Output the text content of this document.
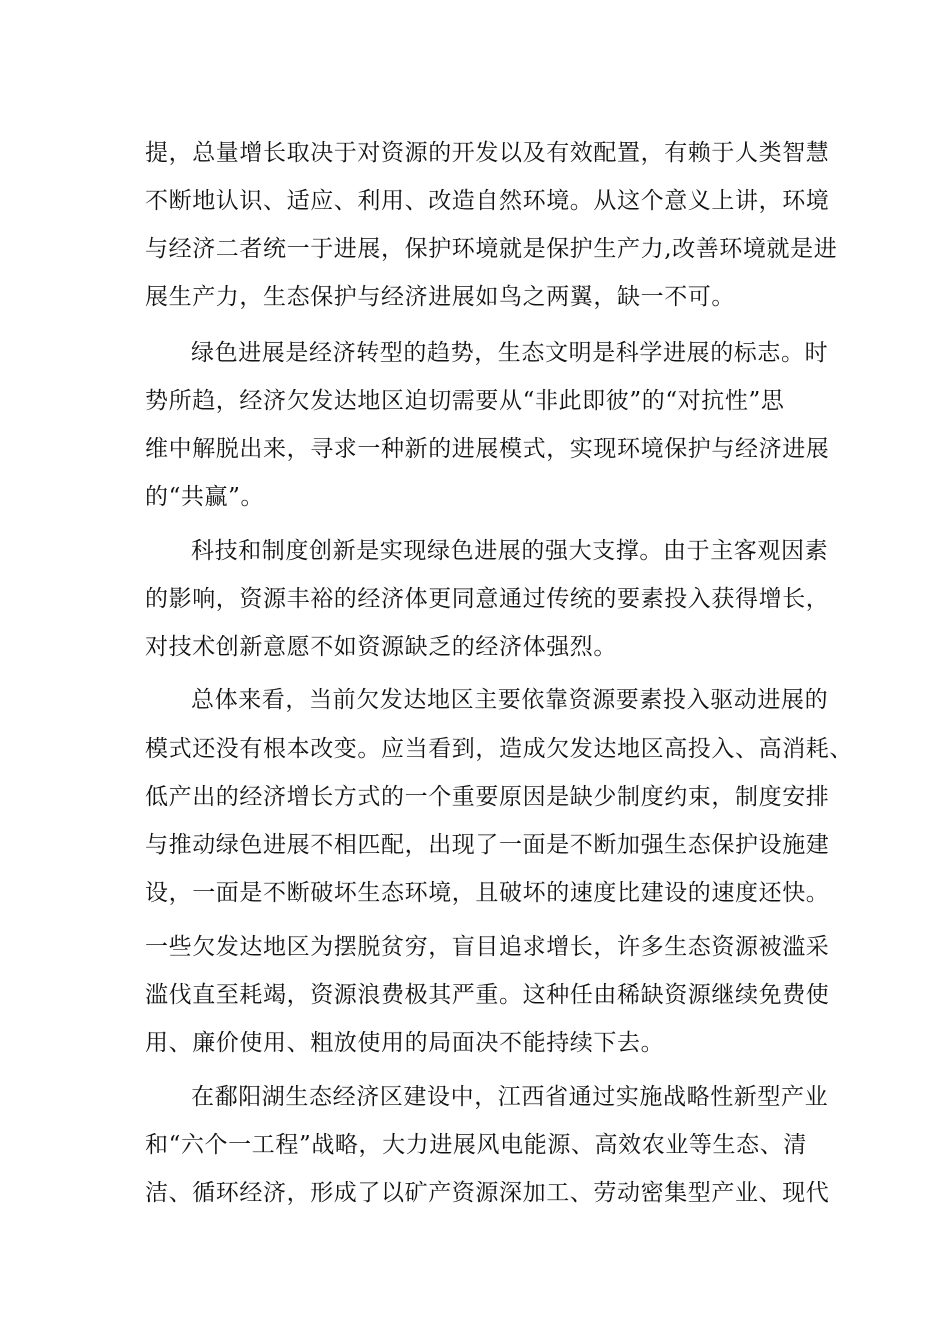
提，总量增长取决于对资源的开发以及有效配置，有赖于人类智慧
不断地认识、适应、利用、改造自然环境。从这个意义上讲，环境
与经济二者统一于进展，保护环境就是保护生产力,改善环境就是进
展生产力，生态保护与经济进展如鸟之两翼，缺一不可。
绿色进展是经济转型的趋势，生态文明是科学进展的标志。时
势所趋，经济欠发达地区迫切需要从“非此即彼”的“对抗性”思
维中解脱出来，寻求一种新的进展模式，实现环境保护与经济进展
的“共赢”。
科技和制度创新是实现绿色进展的强大支撑。由于主客观因素
的影响，资源丰裕的经济体更同意通过传统的要素投入获得增长，
对技术创新意愿不如资源缺乏的经济体强烈。
总体来看，当前欠发达地区主要依靠资源要素投入驱动进展的
模式还没有根本改变。应当看到，造成欠发达地区高投入、高消耗、
低产出的经济增长方式的一个重要原因是缺少制度约束，制度安排
与推动绿色进展不相匹配，出现了一面是不断加强生态保护设施建
设，一面是不断破坏生态环境，且破坏的速度比建设的速度还快。
一些欠发达地区为摆脱贫穷，盲目追求增长，许多生态资源被滥采
滥伐直至耗竭，资源浪费极其严重。这种任由稀缺资源继续免费使
用、廉价使用、粗放使用的局面决不能持续下去。
在鄱阳湖生态经济区建设中，江西省通过实施战略性新型产业
和“六个一工程”战略，大力进展风电能源、高效农业等生态、清
洁、循环经济，形成了以矿产资源深加工、劳动密集型产业、现代
